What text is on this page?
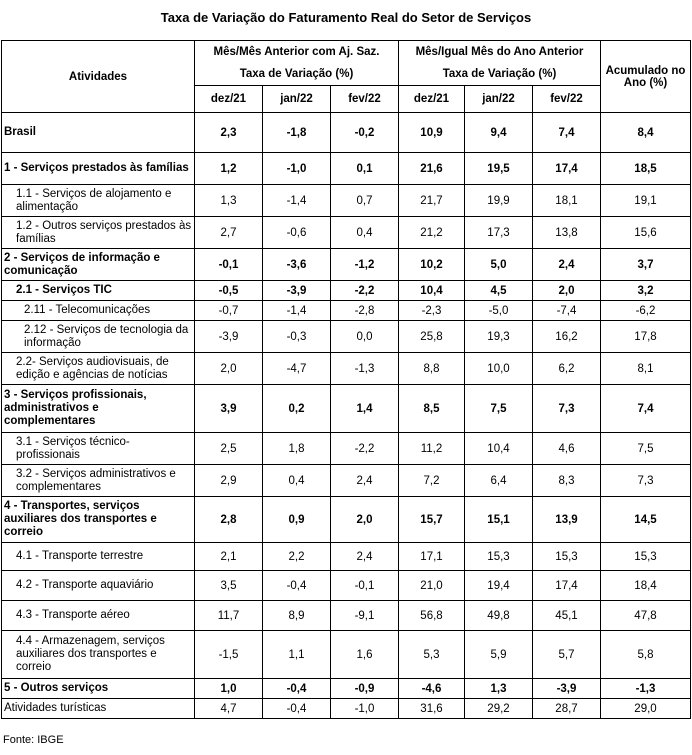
Taxa de Variação do Faturamento Real do Setor de Serviços
Atividades	Mês/Mês Anterior com Aj. Saz.			Mês/Igual Mês do Ano Anterior			Acumulado no Ano (%)
	Taxa de Variação (%)			Taxa de Variação (%)			
	dez/21	jan/22	fev/22	dez/21	jan/22	fev/22	
Brasil	2,3	-1,8	-0,2	10,9	9,4	7,4	8,4
1 - Serviços prestados às famílias	1,2	-1,0	0,1	21,6	19,5	17,4	18,5
1.1 - Serviços de alojamento e alimentação	1,3	-1,4	0,7	21,7	19,9	18,1	19,1
1.2 - Outros serviços prestados às famílias	2,7	-0,6	0,4	21,2	17,3	13,8	15,6
2 - Serviços de informação e comunicação	-0,1	-3,6	-1,2	10,2	5,0	2,4	3,7
2.1 - Serviços TIC	-0,5	-3,9	-2,2	10,4	4,5	2,0	3,2
2.11 - Telecomunicações	-0,7	-1,4	-2,8	-2,3	-5,0	-7,4	-6,2
2.12 - Serviços de tecnologia da informação	-3,9	-0,3	0,0	25,8	19,3	16,2	17,8
2.2- Serviços audiovisuais, de edição e agências de notícias	2,0	-4,7	-1,3	8,8	10,0	6,2	8,1
3 - Serviços profissionais, administrativos e complementares	3,9	0,2	1,4	8,5	7,5	7,3	7,4
3.1 - Serviços técnico-profissionais	2,5	1,8	-2,2	11,2	10,4	4,6	7,5
3.2 - Serviços administrativos e complementares	2,9	0,4	2,4	7,2	6,4	8,3	7,3
4 - Transportes, serviços auxiliares dos transportes e correio	2,8	0,9	2,0	15,7	15,1	13,9	14,5
4.1 - Transporte terrestre	2,1	2,2	2,4	17,1	15,3	15,3	15,3
4.2 - Transporte aquaviário	3,5	-0,4	-0,1	21,0	19,4	17,4	18,4
4.3 - Transporte aéreo	11,7	8,9	-9,1	56,8	49,8	45,1	47,8
4.4 - Armazenagem, serviços auxiliares dos transportes e correio	-1,5	1,1	1,6	5,3	5,9	5,7	5,8
5 - Outros serviços	1,0	-0,4	-0,9	-4,6	1,3	-3,9	-1,3
Atividades turísticas	4,7	-0,4	-1,0	31,6	29,2	28,7	29,0
Fonte: IBGE
